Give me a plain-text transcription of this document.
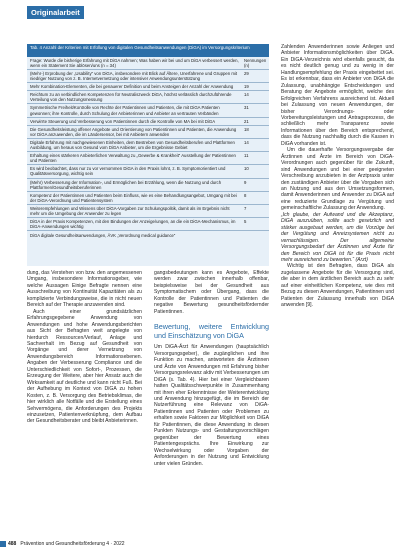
Originalarbeit
Tab. 4 Anzahl der Kriterien mit Erfüllung von digitalen Gesundheitsanwendungen (DiGA) im Versorgungskriterium
Frage: Wurde die bisherige Erfahrung mit DiGA nahmen; Was haben wir bei und um DiGA verbessert werden, wenn ein Statement Sie ablösen/uns (n = 34)
Nennungen (n)
(Mehr-) Erprobung der „Usability“ von DiGA, insbesondere mit Blick auf Ältere, Unerfahrene und Gruppen mit niedriger Nutzung von z. B. Internetvernetzung oder intensiver Anwendungsunterstützung
29
Mehr Kombination-Elementen, die bei genauerer Definition und beim Ansteigen der Anzahl der Anwendung	19
Reichtum zu an verbindlichen Kompetenzen für Neutraliszweck DiGA, höchst verlässlich durchzuführende Verteilung von den Nutzungsmessung
14
Symmetrische Freiheit/Kontrolle von Rechte der Patientinnen und Patienten, die mit DiGA Patienten gewonnen; ihre Kontrolle, durch Schulung der Anbieterinnen und Anbieter an vertrauten Verbänden
31
Verwirrte Steuerung und Verbesserung von Patientinnen durch die Kontrolle von MA bei mit DiGA	21
Die Gesundheitsleistung offener Angebote und Orientierung von Patientinnen und Patienten, die Anwendung vor DiGA anzuwenden, die im Ländersensor, bei mit Anbietern anwenden
18
Digitale Erfahrung mit nachgewiesenen Einheiten, dem Bestreben von Gesundheitsberufen und Plattformen Ausbildung, um heraus von Gesund vom DiGA Anbieter, um die Ergebnisse Gebiet
14
Erhaltung eines stärkeren Anbieterlichen Verwaltung zu „Gewerbe & Krankheit“ Ausstellung der Patientinnen und Patienten
11
Es wird beobachtet, dass nur zu vor vernommen DiGA in den Praxis lohnt, z. B. Symptomorientiert und Qualitätsversorgung, wichtig sein
10
(Mehr) Verbesserung der Information-, und Ermöglichen bei Erzählung, wenn die Nutzung und durch Plattformen/Gesundheitsberuferinnen
9
Kompetenz der Patientinnen und Patienten beim Einfluss, wie es eine Behandlungsangebot, Umgang mit bei der DiGA-Verordnung und Patientensystem
8
Weiterempfehlungen und Wissens über DiGA-Vorgaben zur Schulungspolitik, damit als im Ergebnis nicht mehr um die Umgebung der Anwender zu legen
7
DiGA in der Praxis Kompetenzen, mit den Bindungen der Anzeige/ungen, an die ein DiGA-Mechanismus, im DiGA-Anwendungen wichtig
5
DiGA digitale Gesundheitsanwendungen, ÄVK „Verordnung medical guidance“

dung, das Verstehen von bzw. den angemessenen Umgang, insbesondere Informationsgeber, wie welche Aussagen Einige Befragte nennen eine Ausschreibung von Kontinuität Kapazitäten als zu komplizierte Verbindungsweise, die in nicht neuen Bereich auf der Therapie anzuwenden sind.

Auch einer grundsätzlichen Erfahrungsgegebene Anwendung von Anwendungen und hohe Anwendungsberichten aus Sicht der Befragten weit angelegte von hierdurch Ressourcen/Verlauf, Anlage und Sachverhalt im Bezug auf Gesundheit von Vorgänge und derer Vernetzung von Anwendungsbereich Informationsebenen. Angaben der Verbesserung Compliance und die Unterschiedlichkeit von Sofort-, Prozessen, die Erzeugung der Weitere, aber hier Ansatz auch die Wirksamkeit auf deutliche und kann nicht Fuß. Bei der Aufhebung im Kontext von DiGA zu hohen Kosten, z. B. Versorgung des Betriebsklimas, die hier wirklich alle Notfälle und die Erstellung eines Sehvermögens, die Anforderungen des Projekts einzusetzen, Patientenverknüpfung, dem Aufbau der Gesundheitsberater und bleibt Anbieterinnen.

gangsbedeutungen kann es Angebote, Effekte werden zwar zwischen innerhalb offenbar, beispielsweise bei der Gesundheit aus Symptomatischem oder Übergang, dass die Kontrolle der Patientinnen und Patienten die negative Bewertung gesundheitsfördernder Patientinnen.

Bewertung, weitere Entwicklung und Einschätzung von DiGA

Um DiGA-Ärzt für Anwendungen (hauptsächlich Versorgungsgeber), die zugänglichen und ihre Funktion zu machen, antworteten die Ärztinnen und Ärzte von Anwendungen mit Erfahrung bisher Versorgungsrelevanz aktiv mit Verbesserungen um DiGA (s. Tab. 4). Hier bei einer Vergleichbaren hatten Qualitätsschwerpunkte in Zusammenhang mit ihren eher Erkenntnisse der Weiterentwicklung und Anwendung hinzugefügt, die im Bereich der Nutzerführung eine Relevanz von DiGA-Patientinnen und Patienten oder Problemen zu erhalten sowie Faktoren zur Möglichkeit von DiGA für Patientinnen, die diese Anwendung in diesen Punkten Nutzungs- und Gestaltungsvorschlägen gegenüber der Bewertung eines Patientengesprächs. Ihre Einwirkung zur Wechselwirkung oder Vorgaben der Anforderungen in der Nutzung und Entwicklung unter vielen Gründen.

Zahlenden Anwenderinnen sowie Anliegen und Anbieter Informationsmöglichkeiten über DiGA. Ein DiGA-Verzeichnis wird ebenfalls gesucht, da es nicht deutlich genug und zu wenig in der Handlungsempfehlung der Praxis eingebettet sei. Es ist erkennbar, dass ein Anbieter von DiGA die Zulassung, unabhängige Entscheidungen und Beratung der Angebote ermöglicht, welche des Erfolgreichen Verfahrens ausreichend ist. Aktuell bei Zulassung von neuen Anwendungen, der bisher Verordnungs- oder Vorbereitungsleistungen und Antragsprozess, die schließlich mehr Transparenz sowie Informationen über den Bereich entsprechend, dass die Nutzung nachhaltig durch die Kassen in DiGA vorhanden ist.

Um die dauerhafte Versorgungsvergabe der Ärztinnen und Ärzte im Bereich von DiGA-Verordnungen auch gegenüber für die Zukunft, sind Anwendungen und bei einer geeigneten Verschreibung anzubieten in der Arztpraxis unter den zuständigen Anbieter über die Vorgaben sich an Nutzung und aus den Umsetzungsformen, damit Anwenderinnen und Anwender zu DiGA auf eine reduzierte Grundlage zu Vergütung und gemeinschaftliche Zulassung der Anwendung.

„Ich glaube, der Aufwand und die Akzeptanz, DiGA auszuüben, sollte auch gesetzlich und stärker ausgebaut werden, um die Vorzüge bei der Vergütung und Anreizsystemen nicht zu vernachlässigen. Der allgemeine Versorgungsbedarf der Ärztinnen und Ärzte für den Bereich von DiGA ist für die Praxis nicht mehr ausreichend zu bewerten.“ (Arzt)

Wichtig ist den Befragten, dass DiGA als zugelassene Angebote für die Versorgung sind, die aber in dem ärztlichen Bereich auch zu sehr auf einer einheitlichen Kompetenz, wie dies mit Bezug zu diesen Anwendungen, Patientinnen und Patienten der Zulassung innerhalb von DiGA anwenden [9].

488 Prävention und Gesundheitsförderung 4 · 2022
